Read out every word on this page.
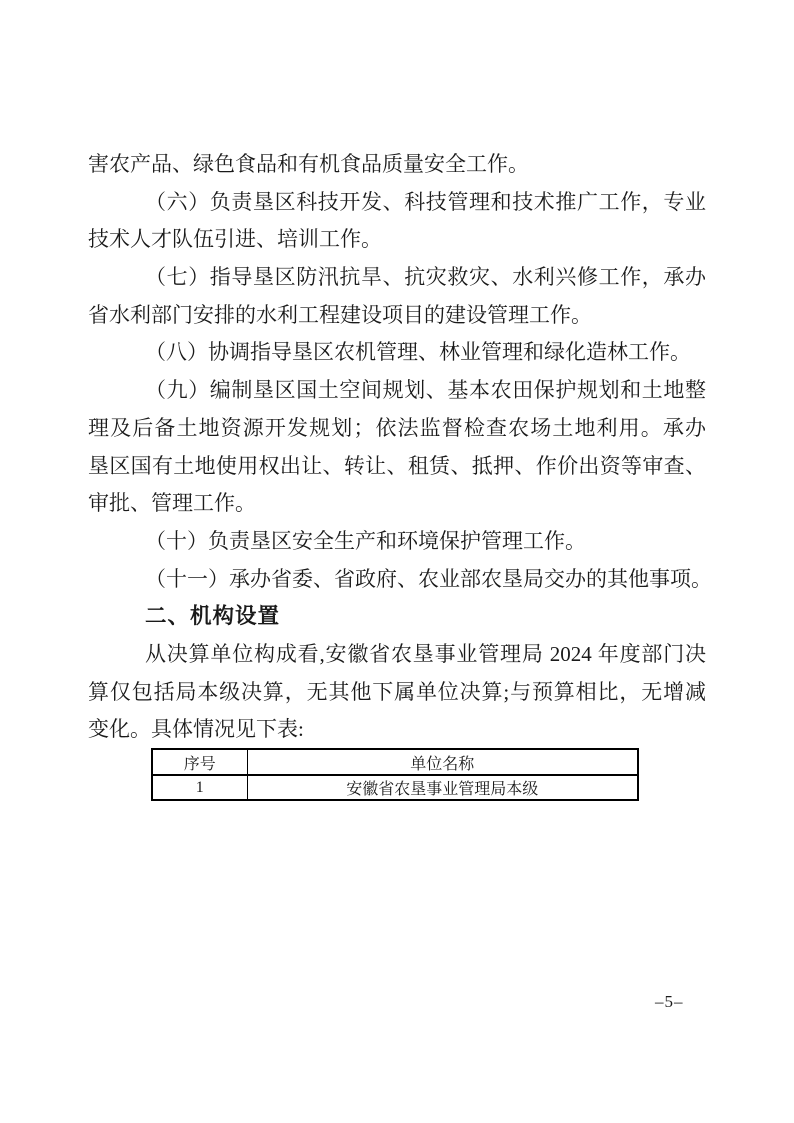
害农产品、绿色食品和有机食品质量安全工作。
（六）负责垦区科技开发、科技管理和技术推广工作，专业
技术人才队伍引进、培训工作。
（七）指导垦区防汛抗旱、抗灾救灾、水利兴修工作，承办
省水利部门安排的水利工程建设项目的建设管理工作。
（八）协调指导垦区农机管理、林业管理和绿化造林工作。
（九）编制垦区国土空间规划、基本农田保护规划和土地整
理及后备土地资源开发规划；依法监督检查农场土地利用。承办
垦区国有土地使用权出让、转让、租赁、抵押、作价出资等审查、
审批、管理工作。
（十）负责垦区安全生产和环境保护管理工作。
（十一）承办省委、省政府、农业部农垦局交办的其他事项。
二、机构设置
从决算单位构成看,安徽省农垦事业管理局 2024 年度部门决
算仅包括局本级决算，无其他下属单位决算;与预算相比，无增减
变化。具体情况见下表:
序号	单位名称
1	安徽省农垦事业管理局本级
–5–
